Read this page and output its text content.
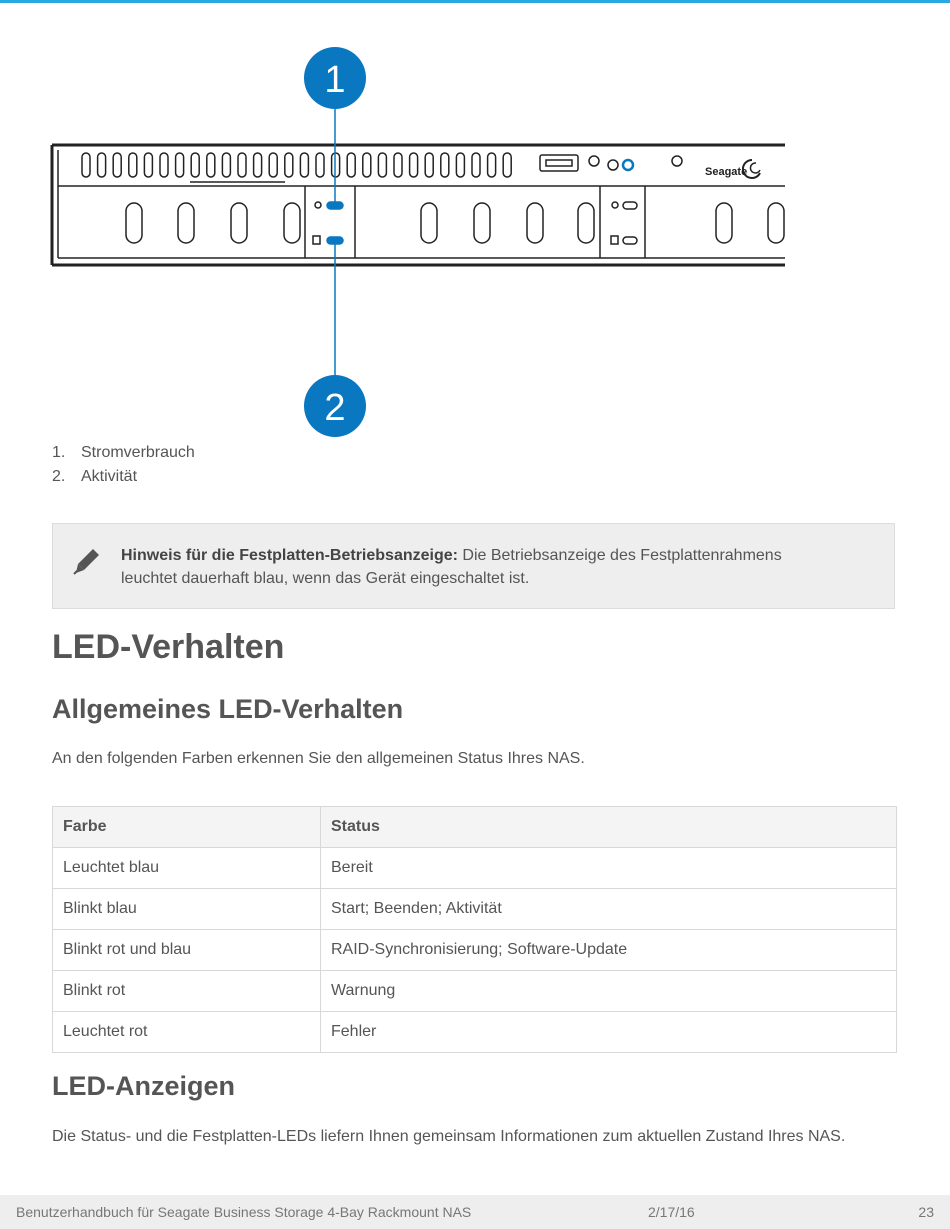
Seagate
1
2
1. Stromverbrauch
2. Aktivität
Hinweis für die Festplatten-Betriebsanzeige: Die Betriebsanzeige des Festplattenrahmens leuchtet dauerhaft blau, wenn das Gerät eingeschaltet ist.
LED-Verhalten
Allgemeines LED-Verhalten

An den folgenden Farben erkennen Sie den allgemeinen Status Ihres NAS.

Farbe	Status
Leuchtet blau	Bereit
Blinkt blau	Start; Beenden; Aktivität
Blinkt rot und blau	RAID-Synchronisierung; Software-Update
Blinkt rot	Warnung
Leuchtet rot	Fehler
LED-Anzeigen

Die Status- und die Festplatten-LEDs liefern Ihnen gemeinsam Informationen zum aktuellen Zustand Ihres NAS.

Benutzerhandbuch für Seagate Business Storage 4-Bay Rackmount NAS	2/17/16	23
